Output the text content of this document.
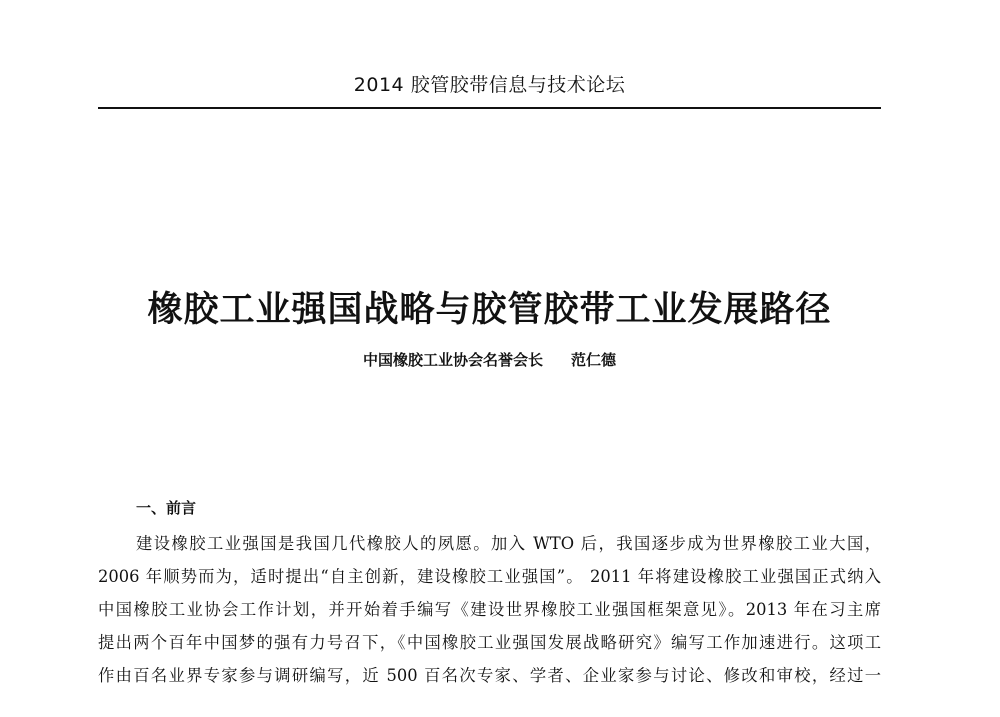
2014 胶管胶带信息与技术论坛
橡胶工业强国战略与胶管胶带工业发展路径
中国橡胶工业协会名誉会长 范仁德
一、前言
建设橡胶工业强国是我国几代橡胶人的夙愿。加入 WTO 后，我国逐步成为世界橡胶工业大国，
2006 年顺势而为，适时提出“自主创新，建设橡胶工业强国”。 2011 年将建设橡胶工业强国正式纳入
中国橡胶工业协会工作计划，并开始着手编写《建设世界橡胶工业强国框架意见》。2013 年在习主席
提出两个百年中国梦的强有力号召下，《中国橡胶工业强国发展战略研究》编写工作加速进行。这项工
作由百名业界专家参与调研编写，近 500 百名次专家、学者、企业家参与讨论、修改和审校，经过一
